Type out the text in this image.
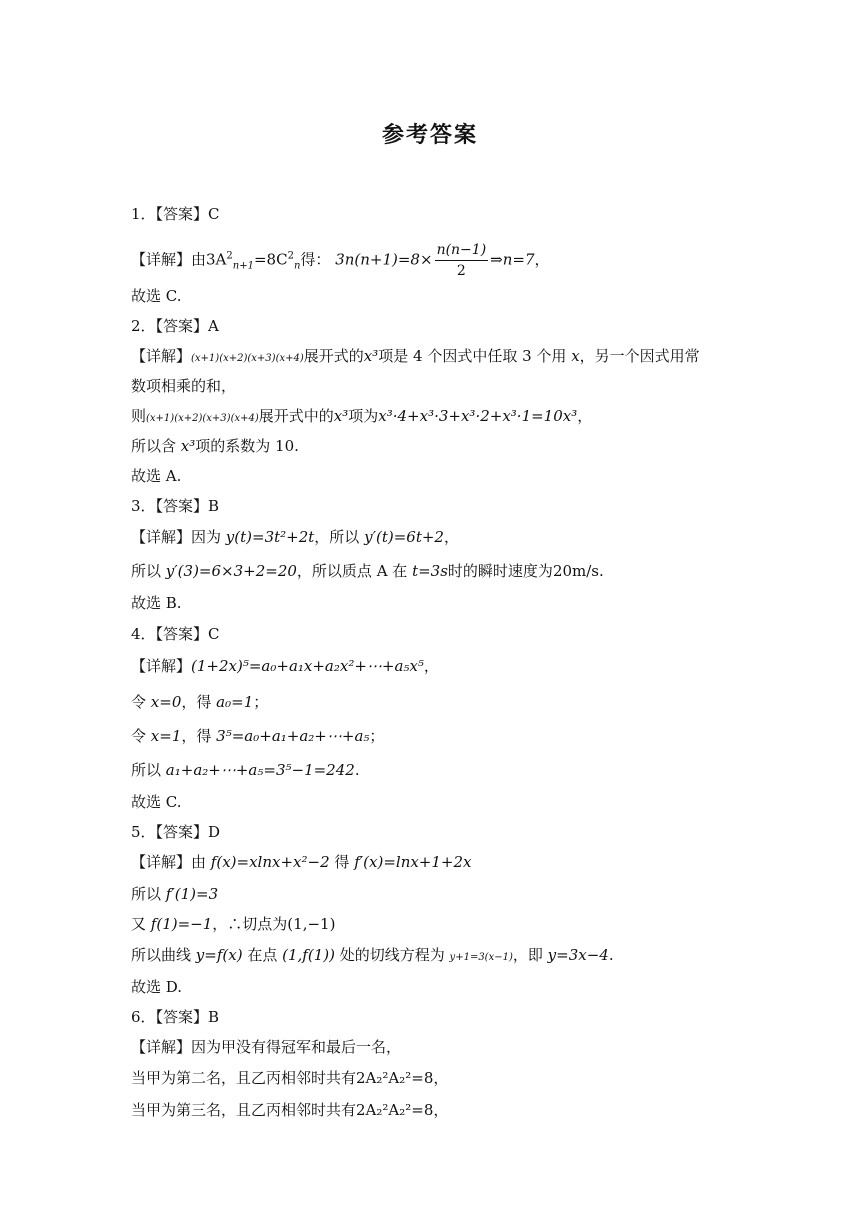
参考答案
1．【答案】C
【详解】由$3A^2_{n+1}=8C^2_n$得： $3n(n+1)=8\times \frac{n(n-1)}{2}$ ⇒n=7，
故选 C.
2．【答案】A
【详解】(x+1)(x+2)(x+3)(x+4)展开式的x³项是 4 个因式中任取 3 个用 x，另一个因式用常
数项相乘的和，
则(x+1)(x+2)(x+3)(x+4)展开式中的x³项为x³·4+x³·3+x³·2+x³·1=10x³，
所以含 x³项的系数为 10.
故选 A.
3．【答案】B
【详解】因为 y(t)=3t²+2t，所以 y′(t)=6t+2，
所以 y′(3)=6×3+2=20，所以质点 A 在 t=3s时的瞬时速度为20m/s.
故选 B.
4．【答案】C
【详解】(1+2x)⁵=a₀+a₁x+a₂x²+⋯+a₅x⁵，
令 x=0，得 a₀=1；
令 x=1，得 3⁵=a₀+a₁+a₂+⋯+a₅；
所以 a₁+a₂+⋯+a₅=3⁵−1=242.
故选 C.
5．【答案】D
【详解】由 f(x)=xlnx+x²−2 得 f′(x)=lnx+1+2x
所以 f′(1)=3
又 f(1)=−1，∴切点为(1,−1)
所以曲线 y=f(x) 在点 (1,f(1)) 处的切线方程为 y+1=3(x−1)，即 y=3x−4.
故选 D.
6．【答案】B
【详解】因为甲没有得冠军和最后一名，
当甲为第二名，且乙丙相邻时共有2A₂²A₂²=8，
当甲为第三名，且乙丙相邻时共有2A₂²A₂²=8，
